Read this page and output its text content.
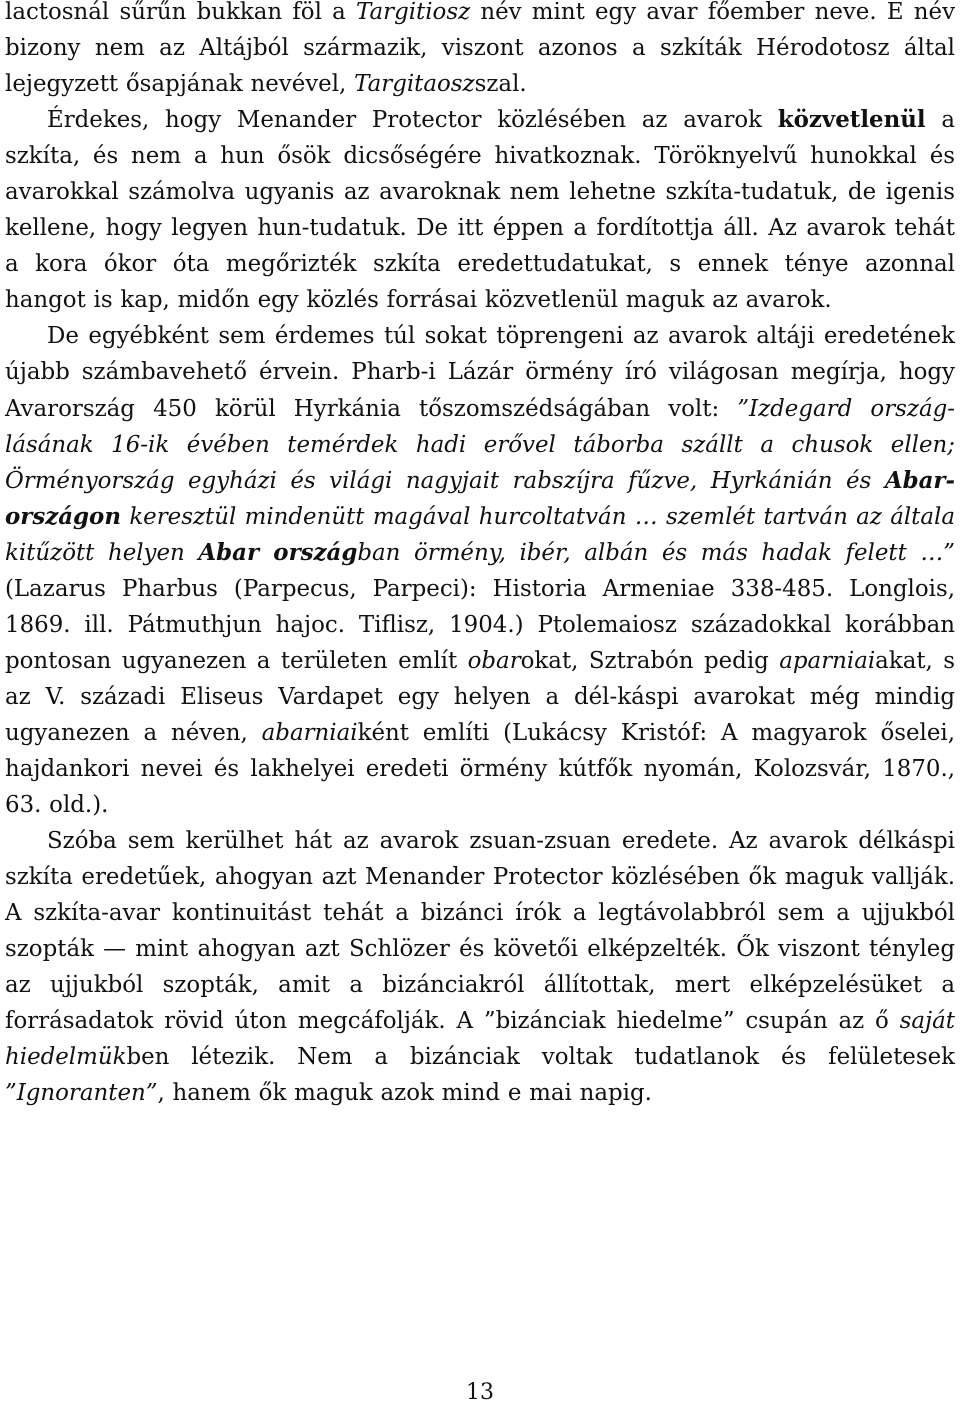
lactosnál sűrűn bukkan föl a Targitiosz név mint egy avar főember neve. E név bizony nem az Altájból származik, viszont azonos a szkíták Hérodotosz által lejegyzett ősapjának nevével, Targitaoszszal.

Érdekes, hogy Menander Protector közlésében az avarok közvetlenül a szkíta, és nem a hun ősök dicsőségére hivatkoznak. Töröknyelvű hunokkal és avarokkal számolva ugyanis az avaroknak nem lehetne szkíta-tudatuk, de igenis kellene, hogy legyen hun-tudatuk. De itt éppen a fordítottja áll. Az avarok tehát a kora ókor óta megőrizték szkíta eredettudatukat, s ennek ténye azonnal hangot is kap, midőn egy közlés forrásai közvetlenül maguk az avarok.

De egyébként sem érdemes túl sokat töprengeni az avarok altáji eredetének újabb számbavehető érvein. Pharb-i Lázár örmény író világosan megírja, hogy Avarország 450 körül Hyrkánia tőszomszédságában volt: ”Izdegard országlásának 16-ik évében temérdek hadi erővel táborba szállt a chusok ellen; Örményország egyházi és világi nagyjait rabszíjra fűzve, Hyrkánián és Abarországon keresztül mindenütt magával hurcoltatván … szemlét tartván az általa kitűzött helyen Abar országban örmény, ibér, albán és más hadak felett …” (Lazarus Pharbus (Parpecus, Parpeci): Historia Armeniae 338-485. Longlois, 1869. ill. Pátmuthjun hajoc. Tiflisz, 1904.) Ptolemaiosz századokkal korábban pontosan ugyanezen a területen említ obarokat, Sztrabón pedig aparniaiakat, s az V. századi Eliseus Vardapet egy helyen a dél-káspi avarokat még mindig ugyanezen a néven, abarniaiként említi (Lukácsy Kristóf: A magyarok őselei, hajdankori nevei és lakhelyei eredeti örmény kútfők nyomán, Kolozsvár, 1870., 63. old.).

Szóba sem kerülhet hát az avarok zsuan-zsuan eredete. Az avarok délkáspi szkíta eredetűek, ahogyan azt Menander Protector közlésében ők maguk vallják. A szkíta-avar kontinuitást tehát a bizánci írók a legtávolabbról sem a ujjukból szopták — mint ahogyan azt Schlözer és követői elképzelték. Ők viszont tényleg az ujjukból szopták, amit a bizánciakról állítottak, mert elképzelésüket a forrásadatok rövid úton megcáfolják. A ”bizánciak hiedelme” csupán az ő saját hiedelmükben létezik. Nem a bizánciak voltak tudatlanok és felületesek ”Ignoranten”, hanem ők maguk azok mind e mai napig.

13
